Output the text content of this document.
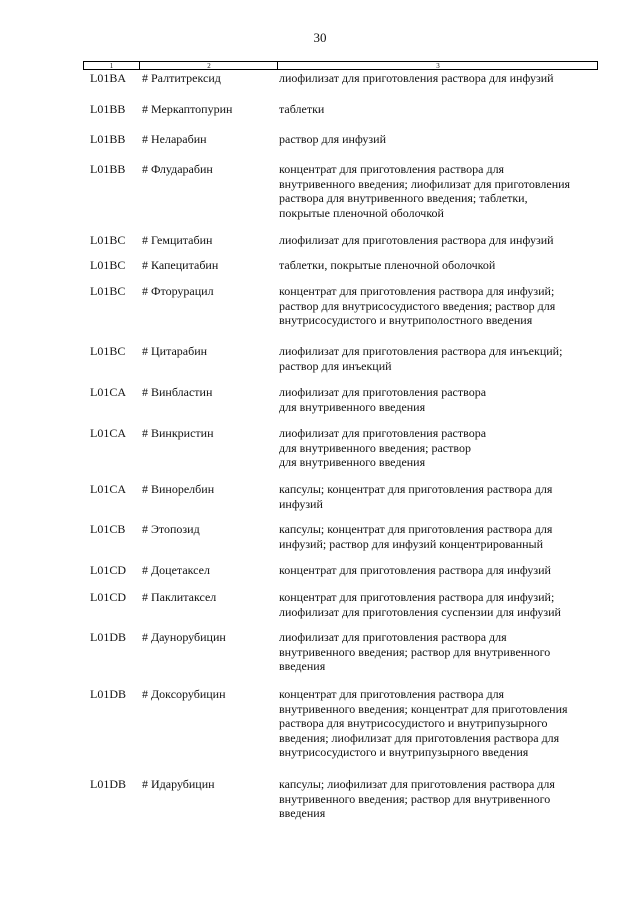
30
1	2	3
L01BA	# Ралтитрексид	лиофилизат для приготовления раствора для инфузий
L01BB	# Меркаптопурин	таблетки
L01BB	# Неларабин	раствор для инфузий
L01BB	# Флударабин	концентрат для приготовления раствора для
внутривенного введения; лиофилизат для приготовления
раствора для внутривенного введения; таблетки,
покрытые пленочной оболочкой
L01BC	# Гемцитабин	лиофилизат для приготовления раствора для инфузий
L01BC	# Капецитабин	таблетки, покрытые пленочной оболочкой
L01BC	# Фторурацил	концентрат для приготовления раствора для инфузий;
раствор для внутрисосудистого введения; раствор для
внутрисосудистого и внутриполостного введения
L01BC	# Цитарабин	лиофилизат для приготовления раствора для инъекций;
раствор для инъекций
L01CA	# Винбластин	лиофилизат для приготовления раствора
для внутривенного введения
L01CA	# Винкристин	лиофилизат для приготовления раствора
для внутривенного введения; раствор
для внутривенного введения
L01CA	# Винорелбин	капсулы; концентрат для приготовления раствора для
инфузий
L01CB	# Этопозид	капсулы; концентрат для приготовления раствора для
инфузий; раствор для инфузий концентрированный
L01CD	# Доцетаксел	концентрат для приготовления раствора для инфузий
L01CD	# Паклитаксел	концентрат для приготовления раствора для инфузий;
лиофилизат для приготовления суспензии для инфузий
L01DB	# Даунорубицин	лиофилизат для приготовления раствора для
внутривенного введения; раствор для внутривенного
введения
L01DB	# Доксорубицин	концентрат для приготовления раствора для
внутривенного введения; концентрат для приготовления
раствора для внутрисосудистого и внутрипузырного
введения; лиофилизат для приготовления раствора для
внутрисосудистого и внутрипузырного введения
L01DB	# Идарубицин	капсулы; лиофилизат для приготовления раствора для
внутривенного введения; раствор для внутривенного
введения
